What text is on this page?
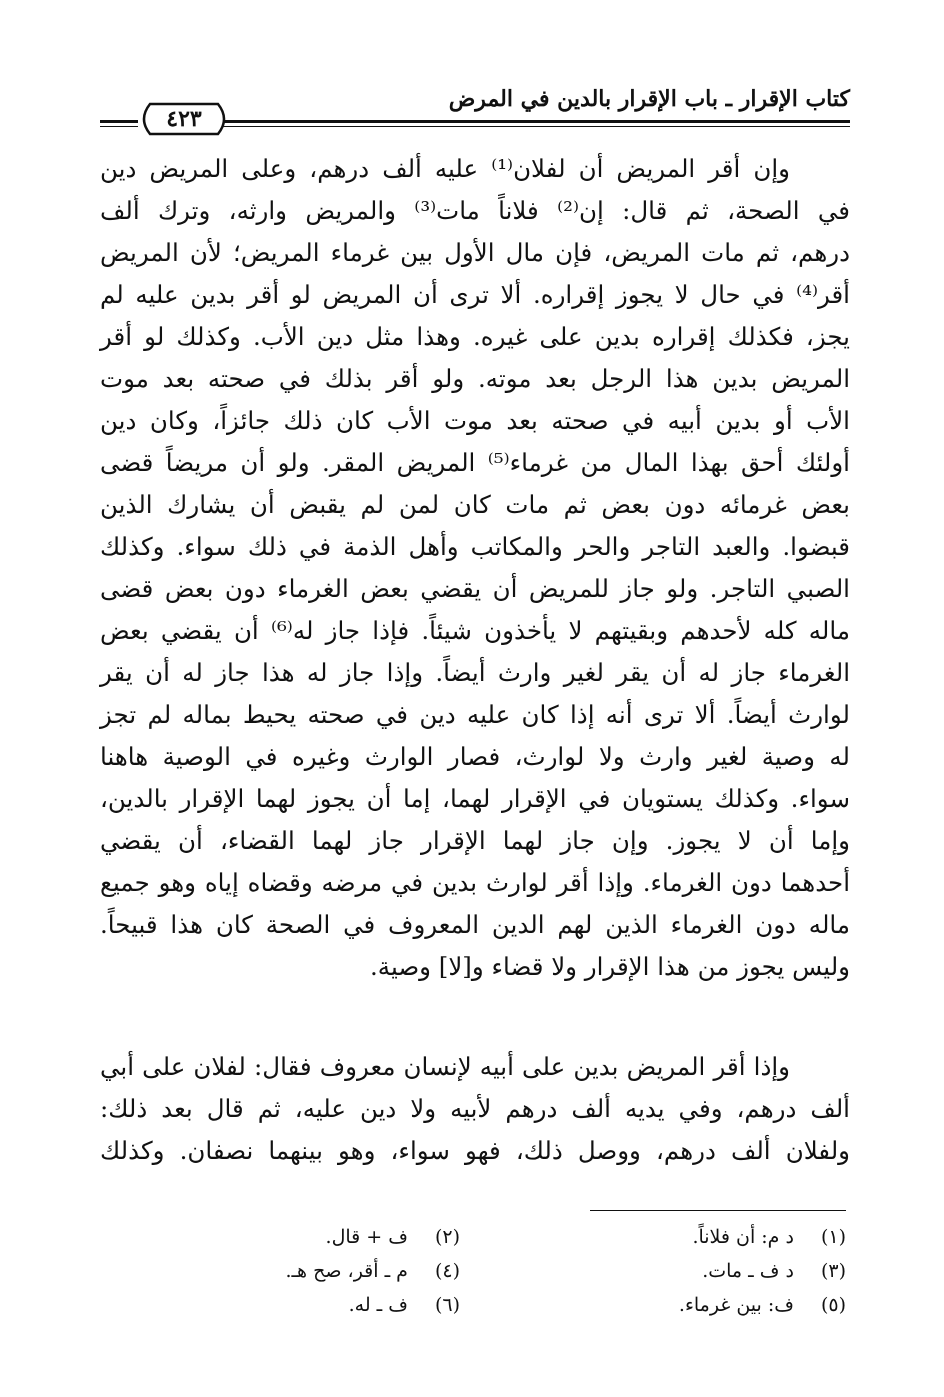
كتاب الإقرار ـ باب الإقرار بالدين في المرض
٤٢٣

وإن أقر المريض أن لفلان⁽¹⁾ عليه ألف درهم، وعلى المريض دين

في الصحة، ثم قال: إن⁽²⁾ فلاناً مات⁽³⁾ والمريض وارثه، وترك ألف

درهم، ثم مات المريض، فإن مال الأول بين غرماء المريض؛ لأن المريض

أقر⁽⁴⁾ في حال لا يجوز إقراره. ألا ترى أن المريض لو أقر بدين عليه لم

يجز، فكذلك إقراره بدين على غيره. وهذا مثل دين الأب. وكذلك لو أقر

المريض بدين هذا الرجل بعد موته. ولو أقر بذلك في صحته بعد موت

الأب أو بدين أبيه في صحته بعد موت الأب كان ذلك جائزاً، وكان دين

أولئك أحق بهذا المال من غرماء⁽⁵⁾ المريض المقر. ولو أن مريضاً قضى

بعض غرمائه دون بعض ثم مات كان لمن لم يقبض أن يشارك الذين

قبضوا. والعبد التاجر والحر والمكاتب وأهل الذمة في ذلك سواء. وكذلك

الصبي التاجر. ولو جاز للمريض أن يقضي بعض الغرماء دون بعض قضى

ماله كله لأحدهم وبقيتهم لا يأخذون شيئاً. فإذا جاز له⁽⁶⁾ أن يقضي بعض

الغرماء جاز له أن يقر لغير وارث أيضاً. وإذا جاز له هذا جاز له أن يقر

لوارث أيضاً. ألا ترى أنه إذا كان عليه دين في صحته يحيط بماله لم تجز

له وصية لغير وارث ولا لوارث، فصار الوارث وغيره في الوصية هاهنا

سواء. وكذلك يستويان في الإقرار لهما، إما أن يجوز لهما الإقرار بالدين،

وإما أن لا يجوز. وإن جاز لهما الإقرار جاز لهما القضاء، أن يقضي

أحدهما دون الغرماء. وإذا أقر لوارث بدين في مرضه وقضاه إياه وهو جميع

ماله دون الغرماء الذين لهم الدين المعروف في الصحة كان هذا قبيحاً.

وليس يجوز من هذا الإقرار ولا قضاء و[لا] وصية.

وإذا أقر المريض بدين على أبيه لإنسان معروف فقال: لفلان على أبي

ألف درهم، وفي يديه ألف درهم لأبيه ولا دين عليه، ثم قال بعد ذلك:

ولفلان ألف درهم، ووصل ذلك، فهو سواء، وهو بينهما نصفان. وكذلك

(١) د م: أن فلاناً.
(٣) د ف ـ مات.
(٥) ف: بين غرماء.
(٢) ف + قال.
(٤) م ـ أقر، صح هـ.
(٦) ف ـ له.
